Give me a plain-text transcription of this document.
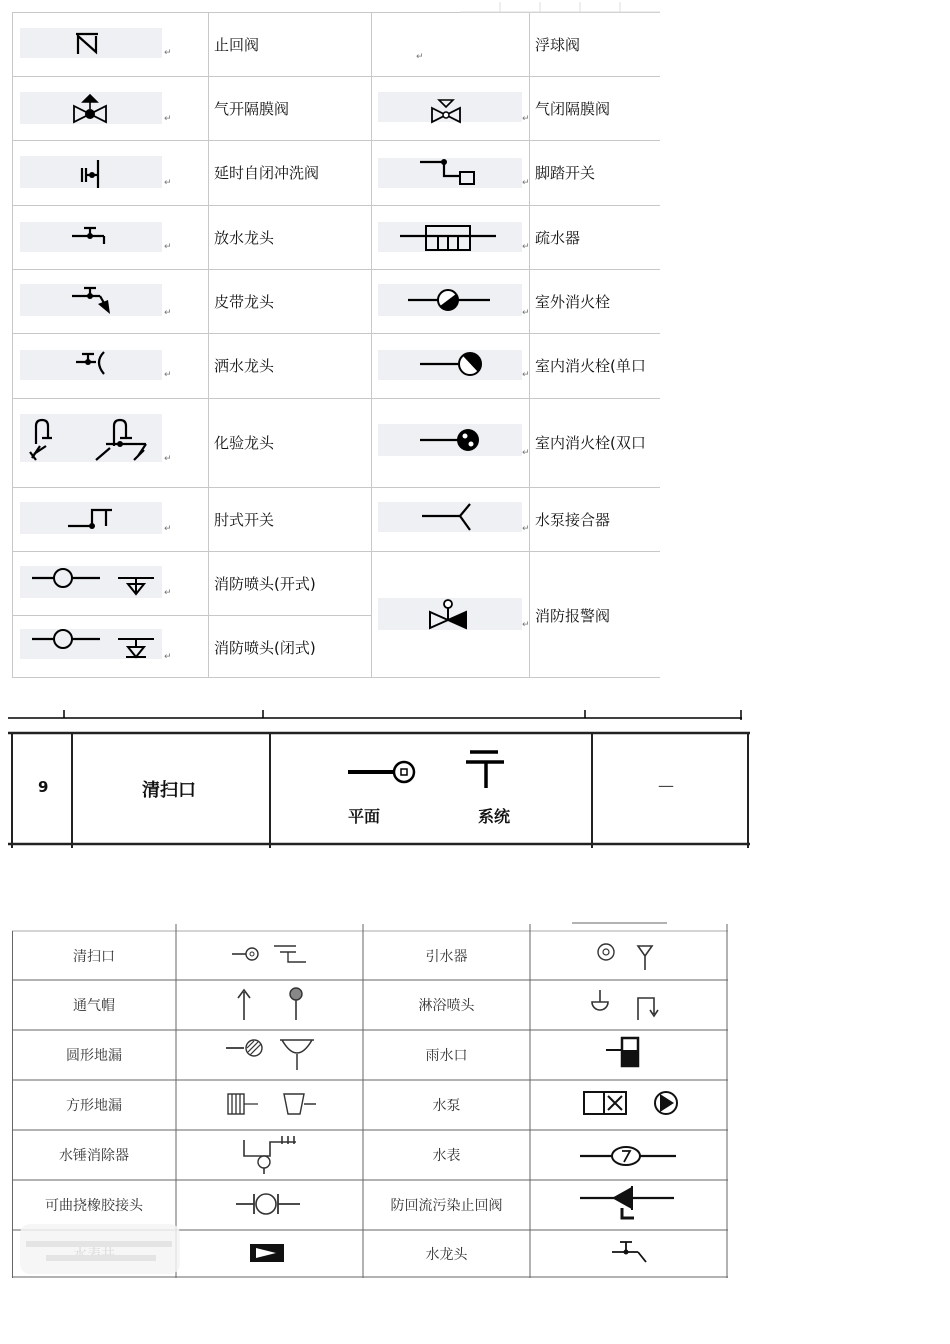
止回阀
气开隔膜阀
延时自闭冲洗阀
放水龙头
皮带龙头
洒水龙头
化验龙头
肘式开关
消防喷头(开式)
消防喷头(闭式)
浮球阀
气闭隔膜阀
脚踏开关
疏水器
室外消火栓
室内消火栓(单口
室内消火栓(双口
水泵接合器
消防报警阀
↵
↵
↵
↵
↵
↵
↵
↵
↵
↵
↵
↵
↵
↵
↵
↵
↵
↵
↵
9	清扫口
平面	系统
—
清扫口
通气帽
圆形地漏
方形地漏
水锤消除器
可曲挠橡胶接头
引水器
淋浴喷头
雨水口
水泵
水表
防回流污染止回阀
水龙头
